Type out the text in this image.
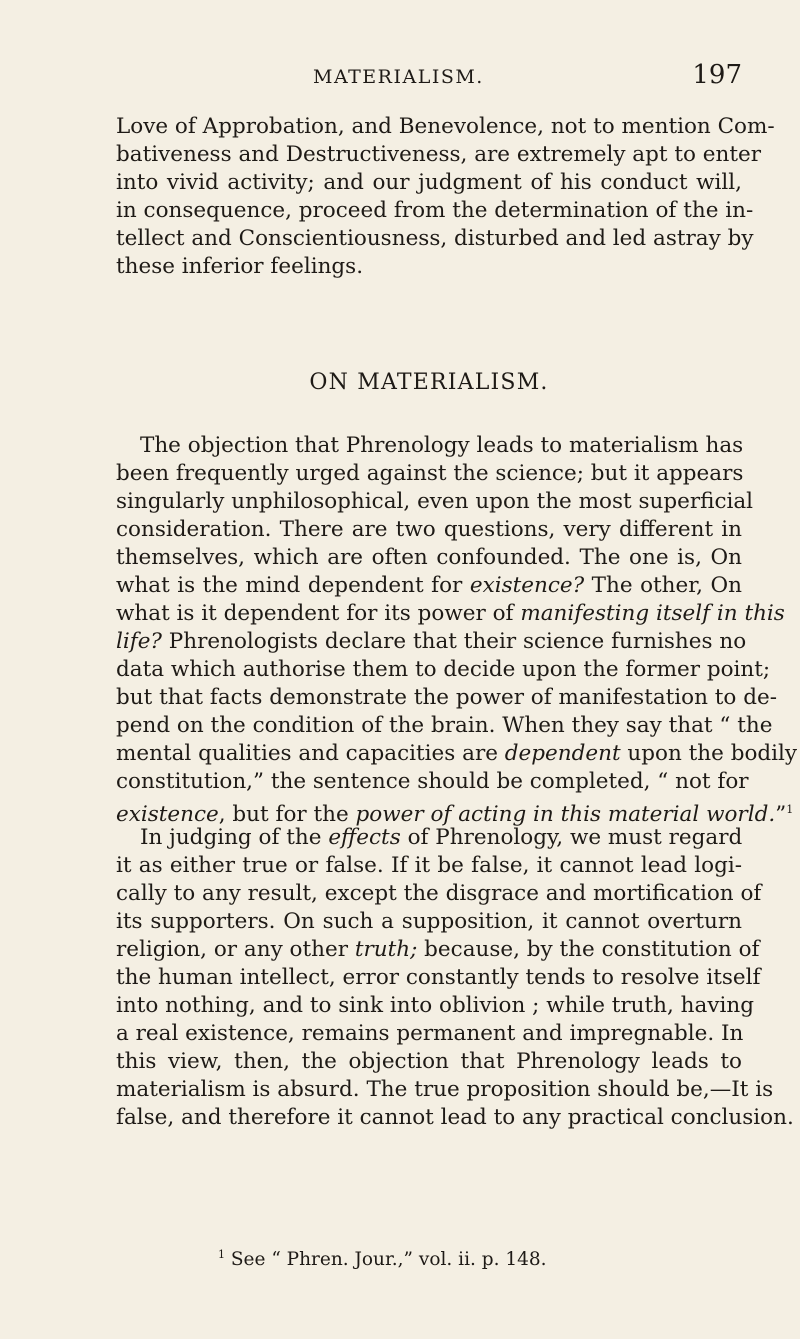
MATERIALISM.	197
Love of Approbation, and Benevolence, not to mention Com-
bativeness and Destructiveness, are extremely apt to enter
into vivid activity; and our judgment of his conduct will,
in consequence, proceed from the determination of the in-
tellect and Conscientiousness, disturbed and led astray by
these inferior feelings.
ON MATERIALISM.
The objection that Phrenology leads to materialism has
been frequently urged against the science; but it appears
singularly unphilosophical, even upon the most superficial
consideration. There are two questions, very different in
themselves, which are often confounded. The one is, On
what is the mind dependent for existence? The other, On
what is it dependent for its power of manifesting itself in this
life? Phrenologists declare that their science furnishes no
data which authorise them to decide upon the former point;
but that facts demonstrate the power of manifestation to de-
pend on the condition of the brain. When they say that “ the
mental qualities and capacities are dependent upon the bodily
constitution,” the sentence should be completed, “ not for
existence, but for the power of acting in this material world.”$^1$
In judging of the effects of Phrenology, we must regard
it as either true or false. If it be false, it cannot lead logi-
cally to any result, except the disgrace and mortification of
its supporters. On such a supposition, it cannot overturn
religion, or any other truth; because, by the constitution of
the human intellect, error constantly tends to resolve itself
into nothing, and to sink into oblivion ; while truth, having
a real existence, remains permanent and impregnable. In
this view, then, the objection that Phrenology leads to
materialism is absurd. The true proposition should be,—It is
false, and therefore it cannot lead to any practical conclusion.
$^1$ See “ Phren. Jour.,” vol. ii. p. 148.
